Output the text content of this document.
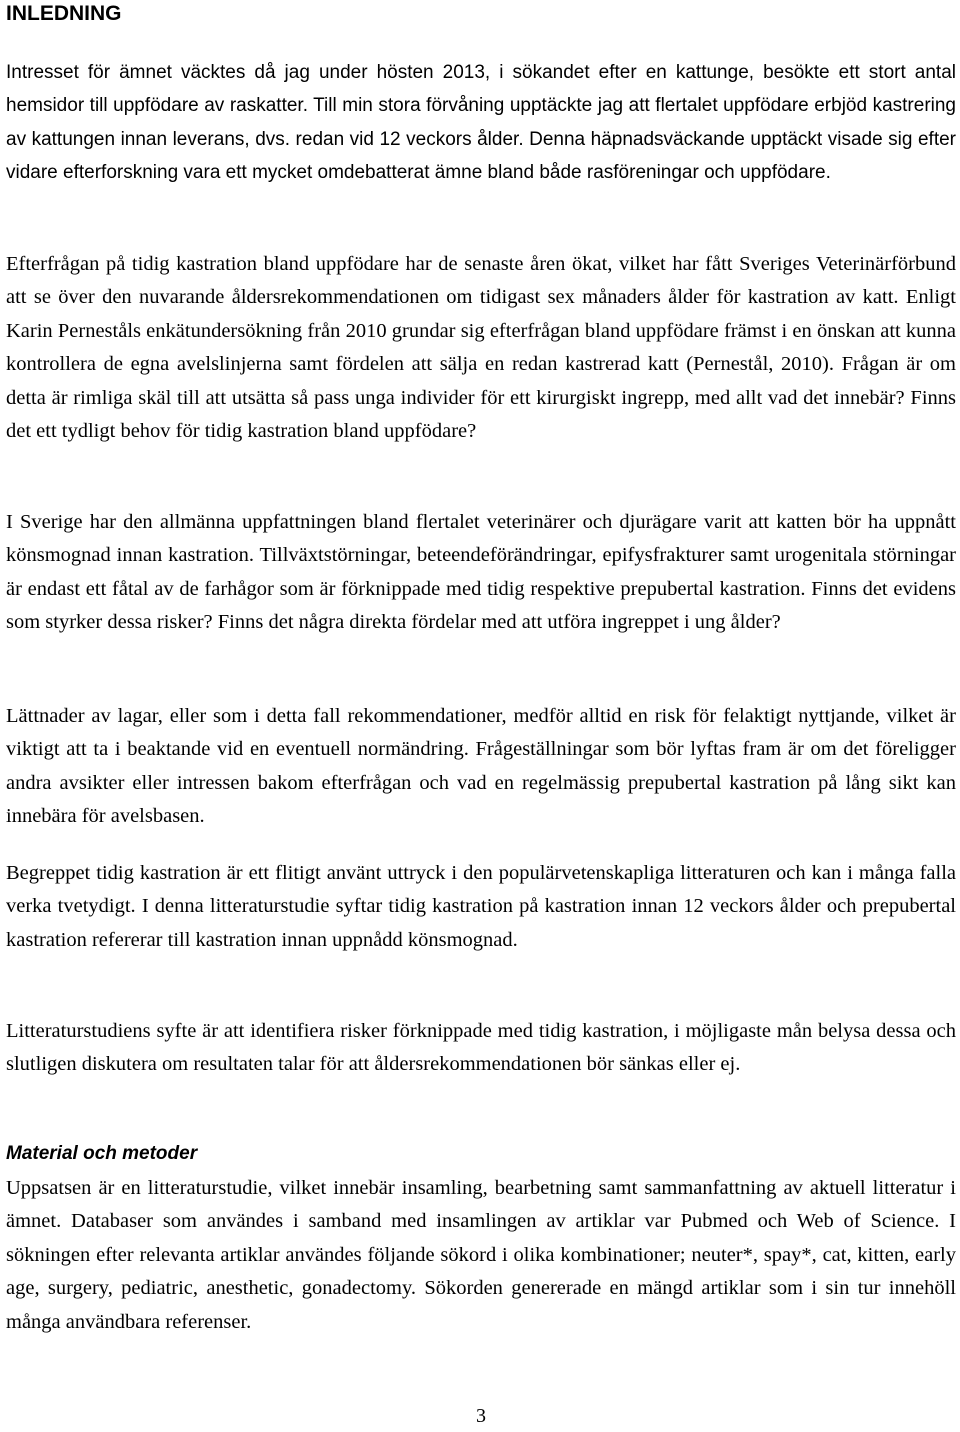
INLEDNING

Intresset för ämnet väcktes då jag under hösten 2013, i sökandet efter en kattunge, besökte ett stort antal hemsidor till uppfödare av raskatter. Till min stora förvåning upptäckte jag att flertalet uppfödare erbjöd kastrering av kattungen innan leverans, dvs. redan vid 12 veckors ålder. Denna häpnadsväckande upptäckt visade sig efter vidare efterforskning vara ett mycket omdebatterat ämne bland både rasföreningar och uppfödare.

Efterfrågan på tidig kastration bland uppfödare har de senaste åren ökat, vilket har fått Sveriges Veterinärförbund att se över den nuvarande åldersrekommendationen om tidigast sex månaders ålder för kastration av katt. Enligt Karin Perneståls enkätundersökning från 2010 grundar sig efterfrågan bland uppfödare främst i en önskan att kunna kontrollera de egna avelslinjerna samt fördelen att sälja en redan kastrerad katt (Pernestål, 2010). Frågan är om detta är rimliga skäl till att utsätta så pass unga individer för ett kirurgiskt ingrepp, med allt vad det innebär? Finns det ett tydligt behov för tidig kastration bland uppfödare?

I Sverige har den allmänna uppfattningen bland flertalet veterinärer och djurägare varit att katten bör ha uppnått könsmognad innan kastration. Tillväxtstörningar, beteendeförändringar, epifysfrakturer samt urogenitala störningar är endast ett fåtal av de farhågor som är förknippade med tidig respektive prepubertal kastration. Finns det evidens som styrker dessa risker? Finns det några direkta fördelar med att utföra ingreppet i ung ålder?

Lättnader av lagar, eller som i detta fall rekommendationer, medför alltid en risk för felaktigt nyttjande, vilket är viktigt att ta i beaktande vid en eventuell normändring. Frågeställningar som bör lyftas fram är om det föreligger andra avsikter eller intressen bakom efterfrågan och vad en regelmässig prepubertal kastration på lång sikt kan innebära för avelsbasen.

Begreppet tidig kastration är ett flitigt använt uttryck i den populärvetenskapliga litteraturen och kan i många falla verka tvetydigt. I denna litteraturstudie syftar tidig kastration på kastration innan 12 veckors ålder och prepubertal kastration refererar till kastration innan uppnådd könsmognad.

Litteraturstudiens syfte är att identifiera risker förknippade med tidig kastration, i möjligaste mån belysa dessa och slutligen diskutera om resultaten talar för att åldersrekommendationen bör sänkas eller ej.

Material och metoder

Uppsatsen är en litteraturstudie, vilket innebär insamling, bearbetning samt sammanfattning av aktuell litteratur i ämnet. Databaser som användes i samband med insamlingen av artiklar var Pubmed och Web of Science. I sökningen efter relevanta artiklar användes följande sökord i olika kombinationer; neuter*, spay*, cat, kitten, early age, surgery, pediatric, anesthetic, gonadectomy. Sökorden genererade en mängd artiklar som i sin tur innehöll många användbara referenser.

3
